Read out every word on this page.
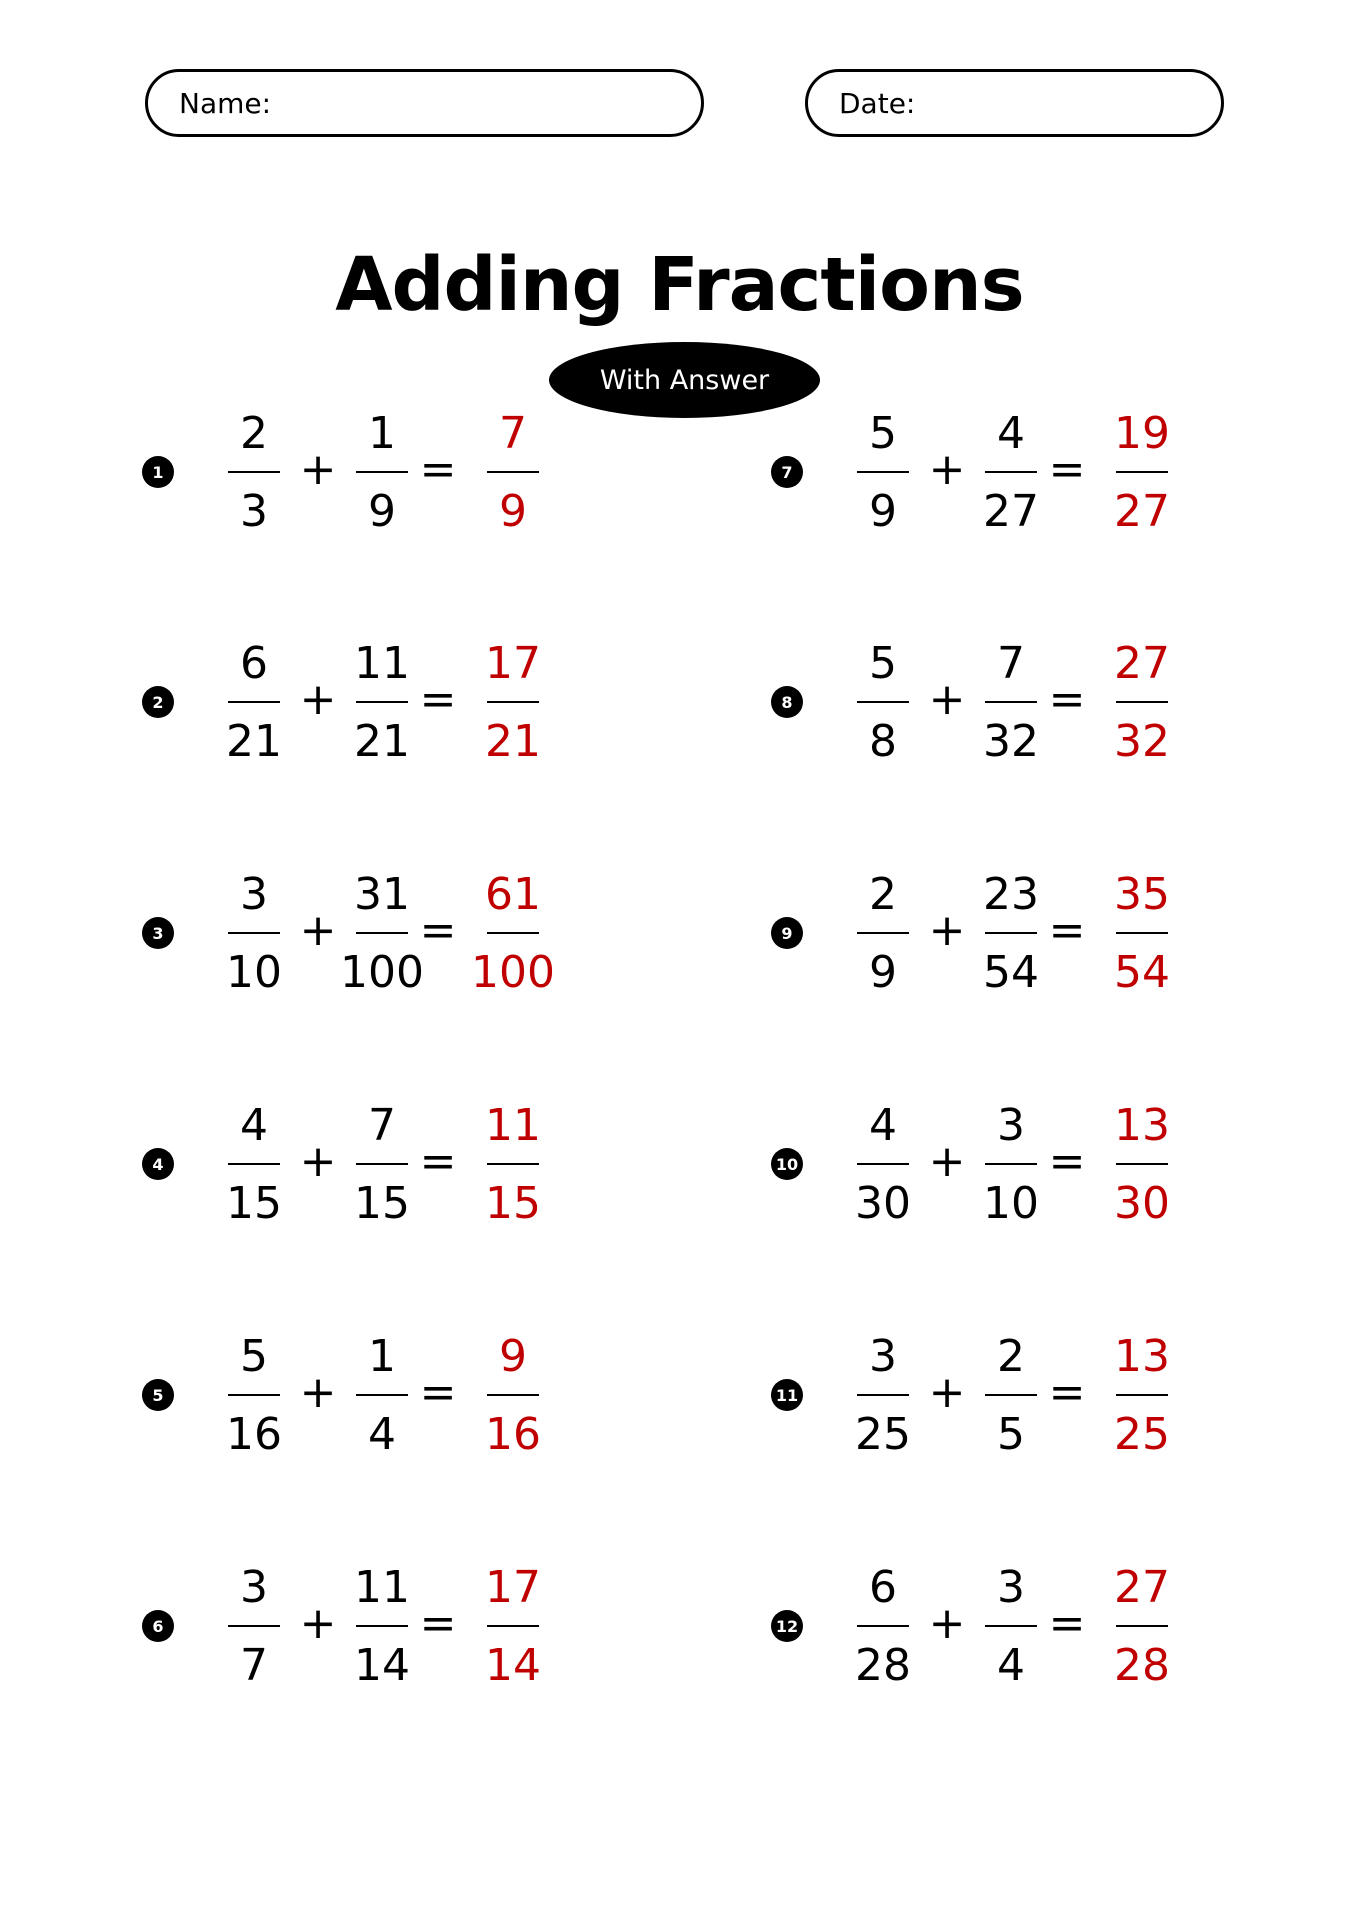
Name:	Date:
Adding Fractions
With Answer
1
2
3
+
1
9
=
7
9
2
6
21
+
11
21
=
17
21
3
3
10
+
31
100
=
61
100
4
4
15
+
7
15
=
11
15
5
5
16
+
1
4
=
9
16
6
3
7
+
11
14
=
17
14
7
5
9
+
4
27
=
19
27
8
5
8
+
7
32
=
27
32
9
2
9
+
23
54
=
35
54
10
4
30
+
3
10
=
13
30
11
3
25
+
2
5
=
13
25
12
6
28
+
3
4
=
27
28
